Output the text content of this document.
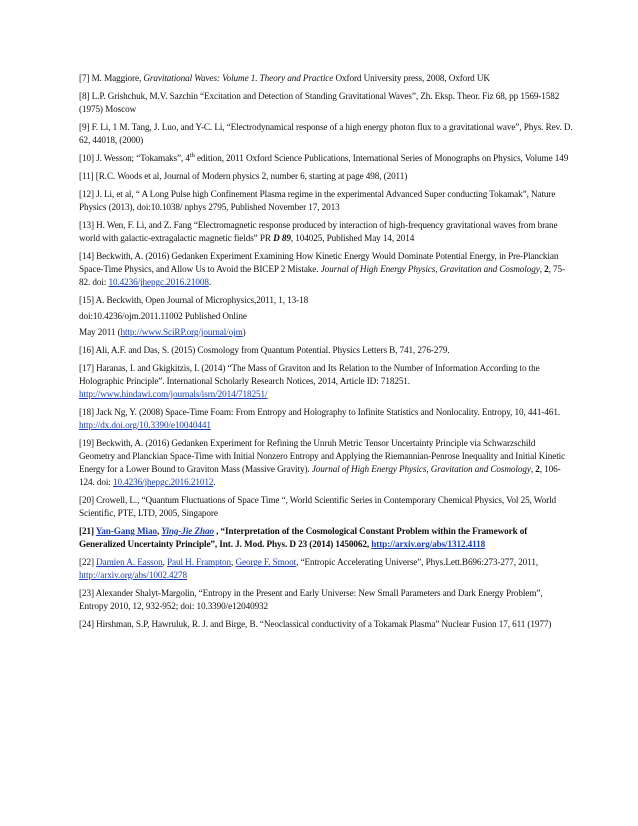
[7] M. Maggiore, Gravitational Waves: Volume 1. Theory and Practice Oxford University press, 2008, Oxford UK

[8] L.P. Grishchuk, M.V. Sazchin “Excitation and Detection of Standing Gravitational Waves”, Zh. Eksp. Theor. Fiz 68, pp 1569-1582 (1975) Moscow

[9] F. Li, 1 M. Tang, J. Luo, and Y-C. Li, “Electrodynamical response of a high energy photon flux to a gravitational wave”, Phys. Rev. D. 62, 44018, (2000)

[10] J. Wesson; “Tokamaks”, 4th edition, 2011 Oxford Science Publications, International Series of Monographs on Physics, Volume 149

[11] [R.C. Woods et al, Journal of Modern physics 2, number 6, starting at page 498, (2011)

[12] J. Li, et al, “ A Long Pulse high Confinement Plasma regime in the experimental Advanced Super conducting Tokamak”, Nature Physics (2013), doi:10.1038/ nphys 2795, Published November 17, 2013

[13] H. Wen, F. Li, and Z. Fang “Electromagnetic response produced by interaction of high-frequency gravitational waves from brane world with galactic-extragalactic magnetic fields” PR D 89, 104025, Published May 14, 2014

[14] Beckwith, A. (2016) Gedanken Experiment Examining How Kinetic Energy Would Dominate Potential Energy, in Pre-Planckian Space-Time Physics, and Allow Us to Avoid the BICEP 2 Mistake. Journal of High Energy Physics, Gravitation and Cosmology, 2, 75-82. doi: 10.4236/jhepgc.2016.21008.

[15] A. Beckwith, Open Journal of Microphysics,2011, 1, 13-18

doi:10.4236/ojm.2011.11002 Published Online

May 2011 (http://www.SciRP.org/journal/ojm)

[16] Ali, A.F. and Das, S. (2015) Cosmology from Quantum Potential. Physics Letters B, 741, 276-279.

[17] Haranas, I. and Gkigkitzis, I. (2014) “The Mass of Graviton and Its Relation to the Number of Information According to the Holographic Principle”. International Scholarly Research Notices, 2014, Article ID: 718251. http://www.hindawi.com/journals/isrn/2014/718251/

[18] Jack Ng, Y. (2008) Space-Time Foam: From Entropy and Holography to Infinite Statistics and Nonlocality. Entropy, 10, 441-461. http://dx.doi.org/10.3390/e10040441

[19] Beckwith, A. (2016) Gedanken Experiment for Refining the Unruh Metric Tensor Uncertainty Principle via Schwarzschild Geometry and Planckian Space-Time with Initial Nonzero Entropy and Applying the Riemannian-Penrose Inequality and Initial Kinetic Energy for a Lower Bound to Graviton Mass (Massive Gravity). Journal of High Energy Physics, Gravitation and Cosmology, 2, 106-124. doi: 10.4236/jhepgc.2016.21012.

[20] Crowell, L., “Quantum Fluctuations of Space Time “, World Scientific Series in Contemporary Chemical Physics, Vol 25, World Scientific, PTE, LTD, 2005, Singapore

[21] Yan-Gang Miao, Ying-Jie Zhao , “Interpretation of the Cosmological Constant Problem within the Framework of Generalized Uncertainty Principle”, Int. J. Mod. Phys. D 23 (2014) 1450062, http://arxiv.org/abs/1312.4118

[22] Damien A. Easson, Paul H. Frampton, George F. Smoot, “Entropic Accelerating Universe”, Phys.Lett.B696:273-277, 2011, http://arxiv.org/abs/1002.4278

[23] Alexander Shalyt-Margolin, “Entropy in the Present and Early Universe: New Small Parameters and Dark Energy Problem”, Entropy 2010, 12, 932-952; doi: 10.3390/e12040932

[24] Hirshman, S.P, Hawruluk, R. J. and Birge, B. “Neoclassical conductivity of a Tokamak Plasma” Nuclear Fusion 17, 611 (1977)
